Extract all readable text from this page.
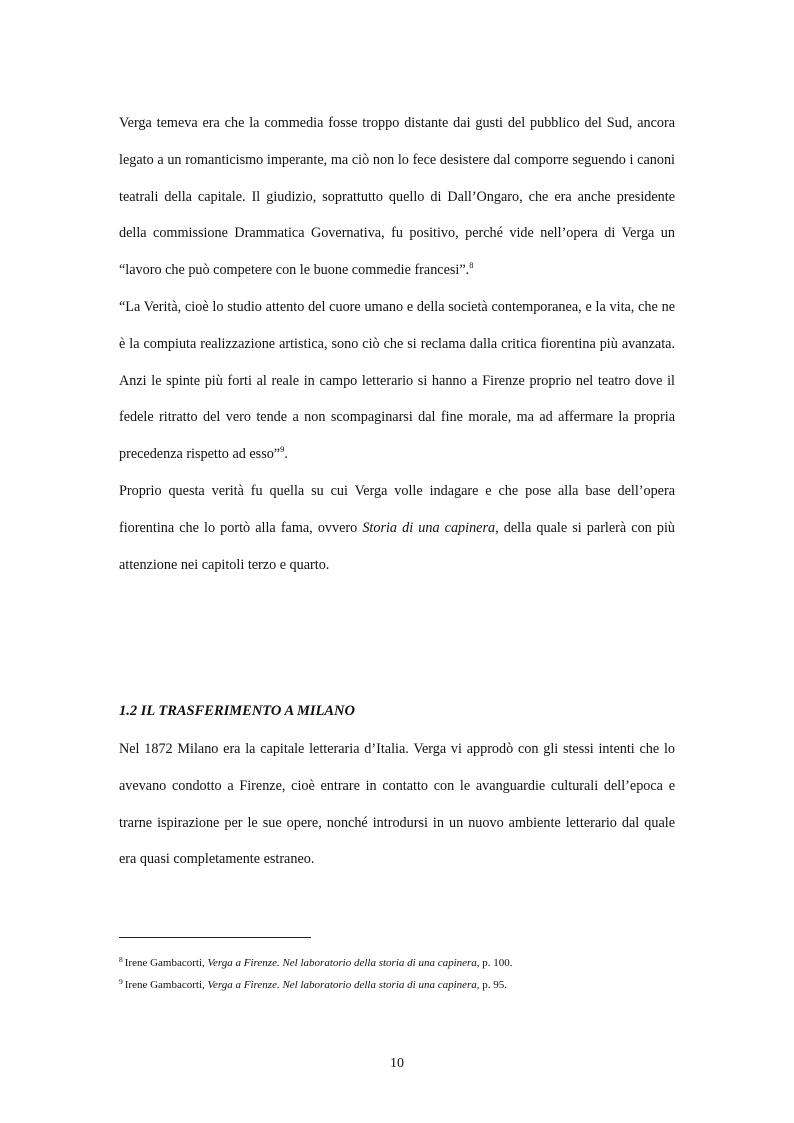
Verga temeva era che la commedia fosse troppo distante dai gusti del pubblico del Sud, ancora legato a un romanticismo imperante, ma ciò non lo fece desistere dal comporre seguendo i canoni teatrali della capitale. Il giudizio, soprattutto quello di Dall’Ongaro, che era anche presidente della commissione Drammatica Governativa, fu positivo, perché vide nell’opera di Verga un “lavoro che può competere con le buone commedie francesi”.$^8$

“La Verità, cioè lo studio attento del cuore umano e della società contemporanea, e la vita, che ne è la compiuta realizzazione artistica, sono ciò che si reclama dalla critica fiorentina più avanzata. Anzi le spinte più forti al reale in campo letterario si hanno a Firenze proprio nel teatro dove il fedele ritratto del vero tende a non scompaginarsi dal fine morale, ma ad affermare la propria precedenza rispetto ad esso”$^9$.

Proprio questa verità fu quella su cui Verga volle indagare e che pose alla base dell’opera fiorentina che lo portò alla fama, ovvero Storia di una capinera, della quale si parlerà con più attenzione nei capitoli terzo e quarto.

1.2 IL TRASFERIMENTO A MILANO

Nel 1872 Milano era la capitale letteraria d’Italia. Verga vi approdò con gli stessi intenti che lo avevano condotto a Firenze, cioè entrare in contatto con le avanguardie culturali dell’epoca e trarne ispirazione per le sue opere, nonché introdursi in un nuovo ambiente letterario dal quale era quasi completamente estraneo.

$^8$ Irene Gambacorti, Verga a Firenze. Nel laboratorio della storia di una capinera, p. 100.
$^9$ Irene Gambacorti, Verga a Firenze. Nel laboratorio della storia di una capinera, p. 95.
10
